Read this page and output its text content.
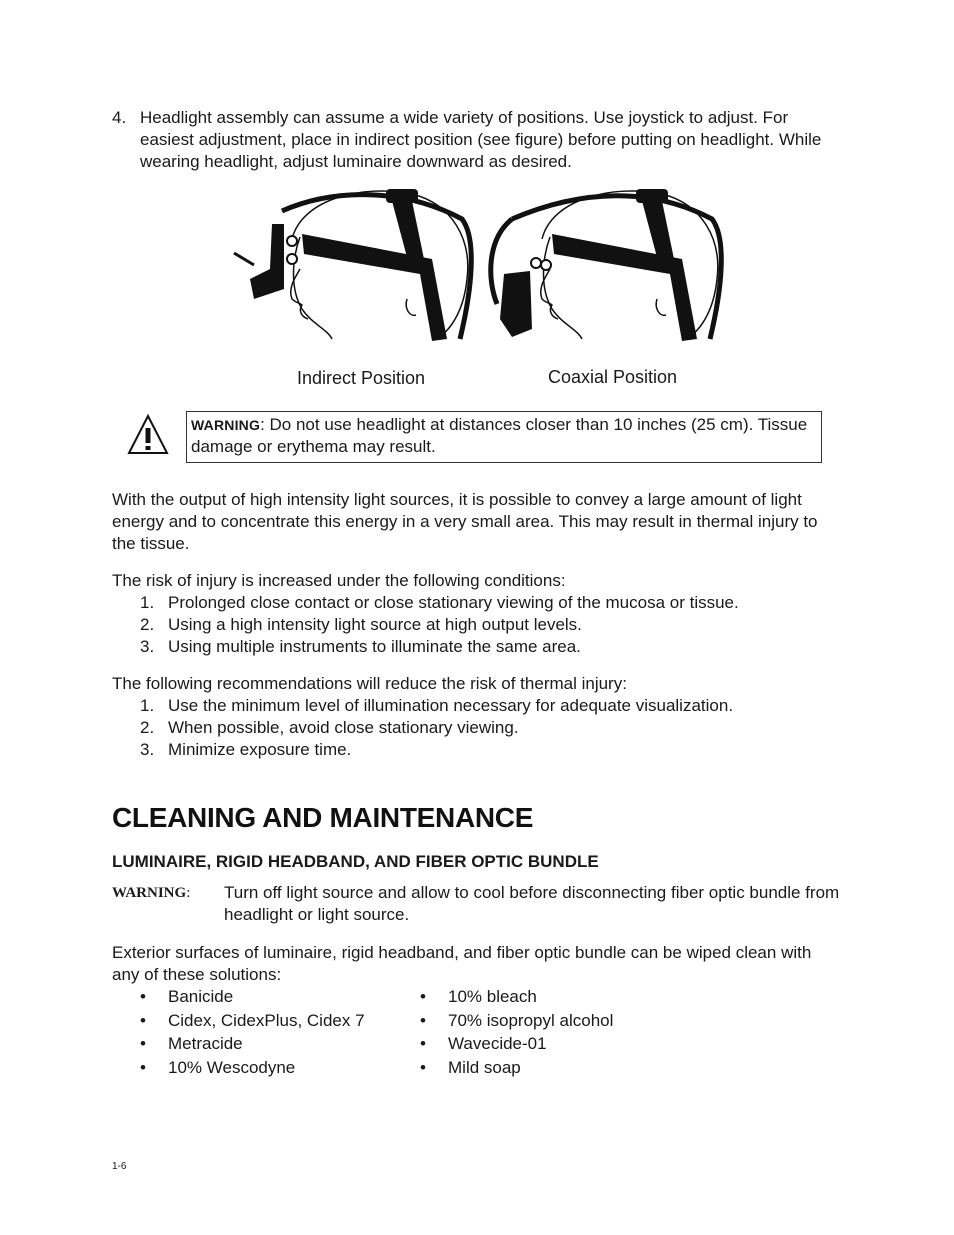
4. Headlight assembly can assume a wide variety of positions. Use joystick to adjust. For easiest adjustment, place in indirect position (see figure) before putting on headlight. While wearing headlight, adjust luminaire downward as desired.
Indirect Position	Coaxial Position
WARNING: Do not use headlight at distances closer than 10 inches (25 cm). Tissue damage or erythema may result.

With the output of high intensity light sources, it is possible to convey a large amount of light energy and to concentrate this energy in a very small area. This may result in thermal injury to the tissue.

The risk of injury is increased under the following conditions:

1. Prolonged close contact or close stationary viewing of the mucosa or tissue.
2. Using a high intensity light source at high output levels.
3. Using multiple instruments to illuminate the same area.

The following recommendations will reduce the risk of thermal injury:

1. Use the minimum level of illumination necessary for adequate visualization.
2. When possible, avoid close stationary viewing.
3. Minimize exposure time.
CLEANING AND MAINTENANCE
LUMINAIRE, RIGID HEADBAND, AND FIBER OPTIC BUNDLE
WARNING:	Turn off light source and allow to cool before disconnecting fiber optic bundle from headlight or light source.

Exterior surfaces of luminaire, rigid headband, and fiber optic bundle can be wiped clean with any of these solutions:

•	Banicide	•	10% bleach
•	Cidex, CidexPlus, Cidex 7	•	70% isopropyl alcohol
•	Metracide	•	Wavecide-01
•	10% Wescodyne	•	Mild soap
1-6
